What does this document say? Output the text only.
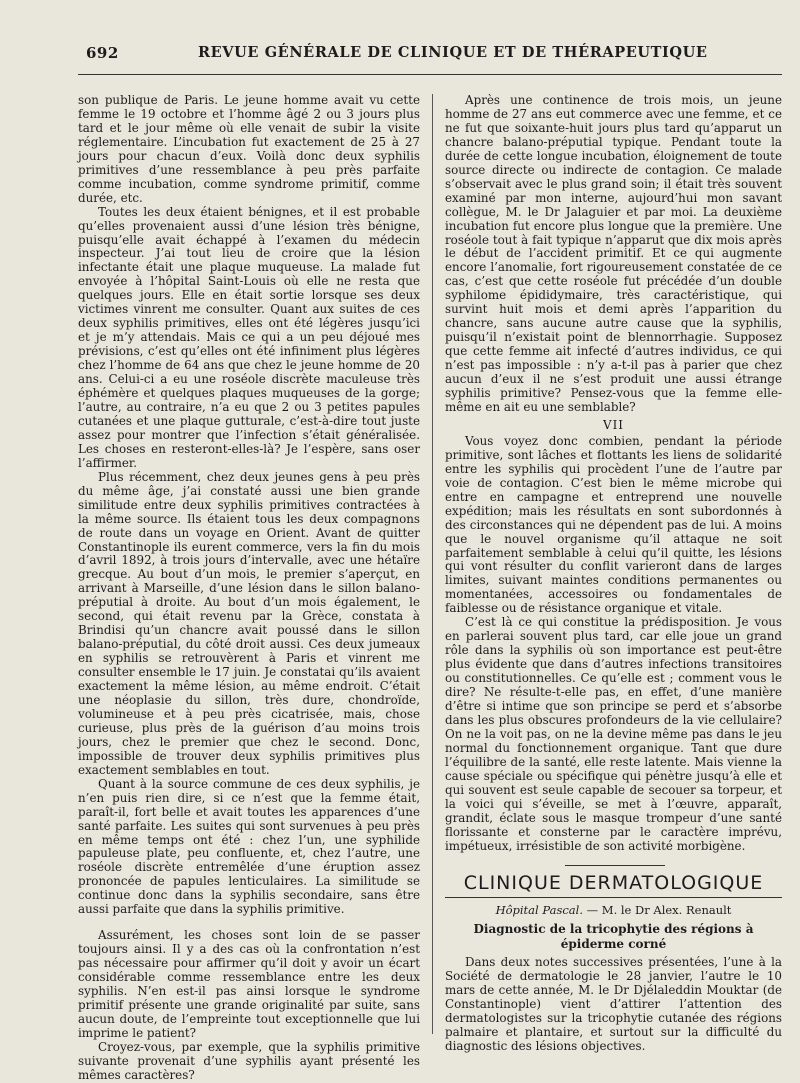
692	REVUE GÉNÉRALE DE CLINIQUE ET DE THÉRAPEUTIQUE

son publique de Paris. Le jeune homme avait vu cette femme le 19 octobre et l’homme âgé 2 ou 3 jours plus tard et le jour même où elle venait de subir la visite réglementaire. L’incubation fut exactement de 25 à 27 jours pour chacun d’eux. Voilà donc deux syphilis primitives d’une ressemblance à peu près parfaite comme incubation, comme syndrome primitif, comme durée, etc.

Toutes les deux étaient bénignes, et il est probable qu’elles provenaient aussi d’une lésion très bénigne, puisqu’elle avait échappé à l’examen du médecin inspecteur. J’ai tout lieu de croire que la lésion infectante était une plaque muqueuse. La malade fut envoyée à l’hôpital Saint-Louis où elle ne resta que quelques jours. Elle en était sortie lorsque ses deux victimes vinrent me consulter. Quant aux suites de ces deux syphilis primitives, elles ont été légères jusqu’ici et je m’y attendais. Mais ce qui a un peu déjoué mes prévisions, c’est qu’elles ont été infiniment plus légères chez l’homme de 64 ans que chez le jeune homme de 20 ans. Celui-ci a eu une roséole discrète maculeuse très éphémère et quelques plaques muqueuses de la gorge; l’autre, au contraire, n’a eu que 2 ou 3 petites papules cutanées et une plaque gutturale, c’est-à-dire tout juste assez pour montrer que l’infection s’était généralisée. Les choses en resteront-elles-là? Je l’espère, sans oser l’affirmer.

Plus récemment, chez deux jeunes gens à peu près du même âge, j’ai constaté aussi une bien grande similitude entre deux syphilis primitives contractées à la même source. Ils étaient tous les deux compagnons de route dans un voyage en Orient. Avant de quitter Constantinople ils eurent commerce, vers la fin du mois d’avril 1892, à trois jours d’intervalle, avec une hétaïre grecque. Au bout d’un mois, le premier s’aperçut, en arrivant à Marseille, d’une lésion dans le sillon balano-préputial à droite. Au bout d’un mois également, le second, qui était revenu par la Grèce, constata à Brindisi qu’un chancre avait poussé dans le sillon balano-préputial, du côté droit aussi. Ces deux jumeaux en syphilis se retrouvèrent à Paris et vinrent me consulter ensemble le 17 juin. Je constatai qu’ils avaient exactement la même lésion, au même endroit. C’était une néoplasie du sillon, très dure, chondroïde, volumineuse et à peu près cicatrisée, mais, chose curieuse, plus près de la guérison d’au moins trois jours, chez le premier que chez le second. Donc, impossible de trouver deux syphilis primitives plus exactement semblables en tout.

Quant à la source commune de ces deux syphilis, je n’en puis rien dire, si ce n’est que la femme était, paraît-il, fort belle et avait toutes les apparences d’une santé parfaite. Les suites qui sont survenues à peu près en même temps ont été : chez l’un, une syphilide papuleuse plate, peu confluente, et, chez l’autre, une roséole discrète entremêlée d’une éruption assez prononcée de papules lenticulaires. La similitude se continue donc dans la syphilis secondaire, sans être aussi parfaite que dans la syphilis primitive.

Assurément, les choses sont loin de se passer toujours ainsi. Il y a des cas où la confrontation n’est pas nécessaire pour affirmer qu’il doit y avoir un écart considérable comme ressemblance entre les deux syphilis. N’en est-il pas ainsi lorsque le syndrome primitif présente une grande originalité par suite, sans aucun doute, de l’empreinte tout exceptionnelle que lui imprime le patient?

Croyez-vous, par exemple, que la syphilis primitive suivante provenait d’une syphilis ayant présenté les mêmes caractères?

Après une continence de trois mois, un jeune homme de 27 ans eut commerce avec une femme, et ce ne fut que soixante-huit jours plus tard qu’apparut un chancre balano-préputial typique. Pendant toute la durée de cette longue incubation, éloignement de toute source directe ou indirecte de contagion. Ce malade s’observait avec le plus grand soin; il était très souvent examiné par mon interne, aujourd’hui mon savant collègue, M. le Dr Jalaguier et par moi. La deuxième incubation fut encore plus longue que la première. Une roséole tout à fait typique n’apparut que dix mois après le début de l’accident primitif. Et ce qui augmente encore l’anomalie, fort rigoureusement constatée de ce cas, c’est que cette roséole fut précédée d’un double syphilome épididymaire, très caractéristique, qui survint huit mois et demi après l’apparition du chancre, sans aucune autre cause que la syphilis, puisqu’il n’existait point de blennorrhagie. Supposez que cette femme ait infecté d’autres individus, ce qui n’est pas impossible : n’y a-t-il pas à parier que chez aucun d’eux il ne s’est produit une aussi étrange syphilis primitive? Pensez-vous que la femme elle-même en ait eu une semblable?

VII

Vous voyez donc combien, pendant la période primitive, sont lâches et flottants les liens de solidarité entre les syphilis qui procèdent l’une de l’autre par voie de contagion. C’est bien le même microbe qui entre en campagne et entreprend une nouvelle expédition; mais les résultats en sont subordonnés à des circonstances qui ne dépendent pas de lui. A moins que le nouvel organisme qu’il attaque ne soit parfaitement semblable à celui qu’il quitte, les lésions qui vont résulter du conflit varieront dans de larges limites, suivant maintes conditions permanentes ou momentanées, accessoires ou fondamentales de faiblesse ou de résistance organique et vitale.

C’est là ce qui constitue la prédisposition. Je vous en parlerai souvent plus tard, car elle joue un grand rôle dans la syphilis où son importance est peut-être plus évidente que dans d’autres infections transitoires ou constitutionnelles. Ce qu’elle est ; comment vous le dire? Ne résulte-t-elle pas, en effet, d’une manière d’être si intime que son principe se perd et s’absorbe dans les plus obscures profondeurs de la vie cellulaire? On ne la voit pas, on ne la devine même pas dans le jeu normal du fonctionnement organique. Tant que dure l’équilibre de la santé, elle reste latente. Mais vienne la cause spéciale ou spécifique qui pénètre jusqu’à elle et qui souvent est seule capable de secouer sa torpeur, et la voici qui s’éveille, se met à l’œuvre, apparaît, grandit, éclate sous le masque trompeur d’une santé florissante et consterne par le caractère imprévu, impétueux, irrésistible de son activité morbigène.

CLINIQUE DERMATOLOGIQUE
Hôpital Pascal. — M. le Dr Alex. Renault
Diagnostic de la tricophytie des régions à épiderme corné

Dans deux notes successives présentées, l’une à la Société de dermatologie le 28 janvier, l’autre le 10 mars de cette année, M. le Dr Djélaleddin Mouktar (de Constantinople) vient d’attirer l’attention des dermatologistes sur la tricophytie cutanée des régions palmaire et plantaire, et surtout sur la difficulté du diagnostic des lésions objectives.
